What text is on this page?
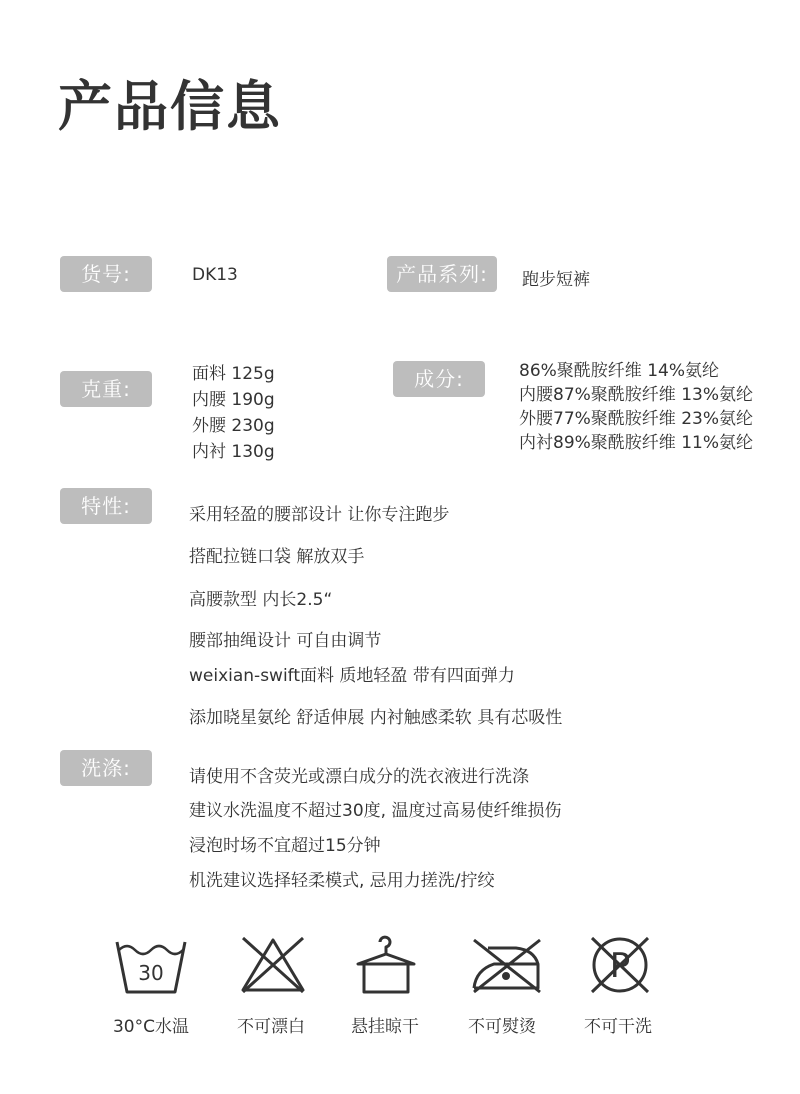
产品信息
货号:	DK13	产品系列:	跑步短裤
克重:
面料 125g
内腰 190g
外腰 230g
内衬 130g
成分:	86%聚酰胺纤维 14%氨纶
内腰87%聚酰胺纤维 13%氨纶
外腰77%聚酰胺纤维 23%氨纶
内衬89%聚酰胺纤维 11%氨纶
特性:	采用轻盈的腰部设计 让你专注跑步
搭配拉链口袋 解放双手
高腰款型 内长2.5“
腰部抽绳设计 可自由调节
weixian-swift面料 质地轻盈 带有四面弹力
添加晓星氨纶 舒适伸展 内衬触感柔软 具有芯吸性
洗涤:	请使用不含荧光或漂白成分的洗衣液进行洗涤
建议水洗温度不超过30度, 温度过高易使纤维损伤
浸泡时场不宜超过15分钟
机洗建议选择轻柔模式, 忌用力搓洗/拧绞
30	P
30°C水温	不可漂白	悬挂晾干	不可熨烫	不可干洗
